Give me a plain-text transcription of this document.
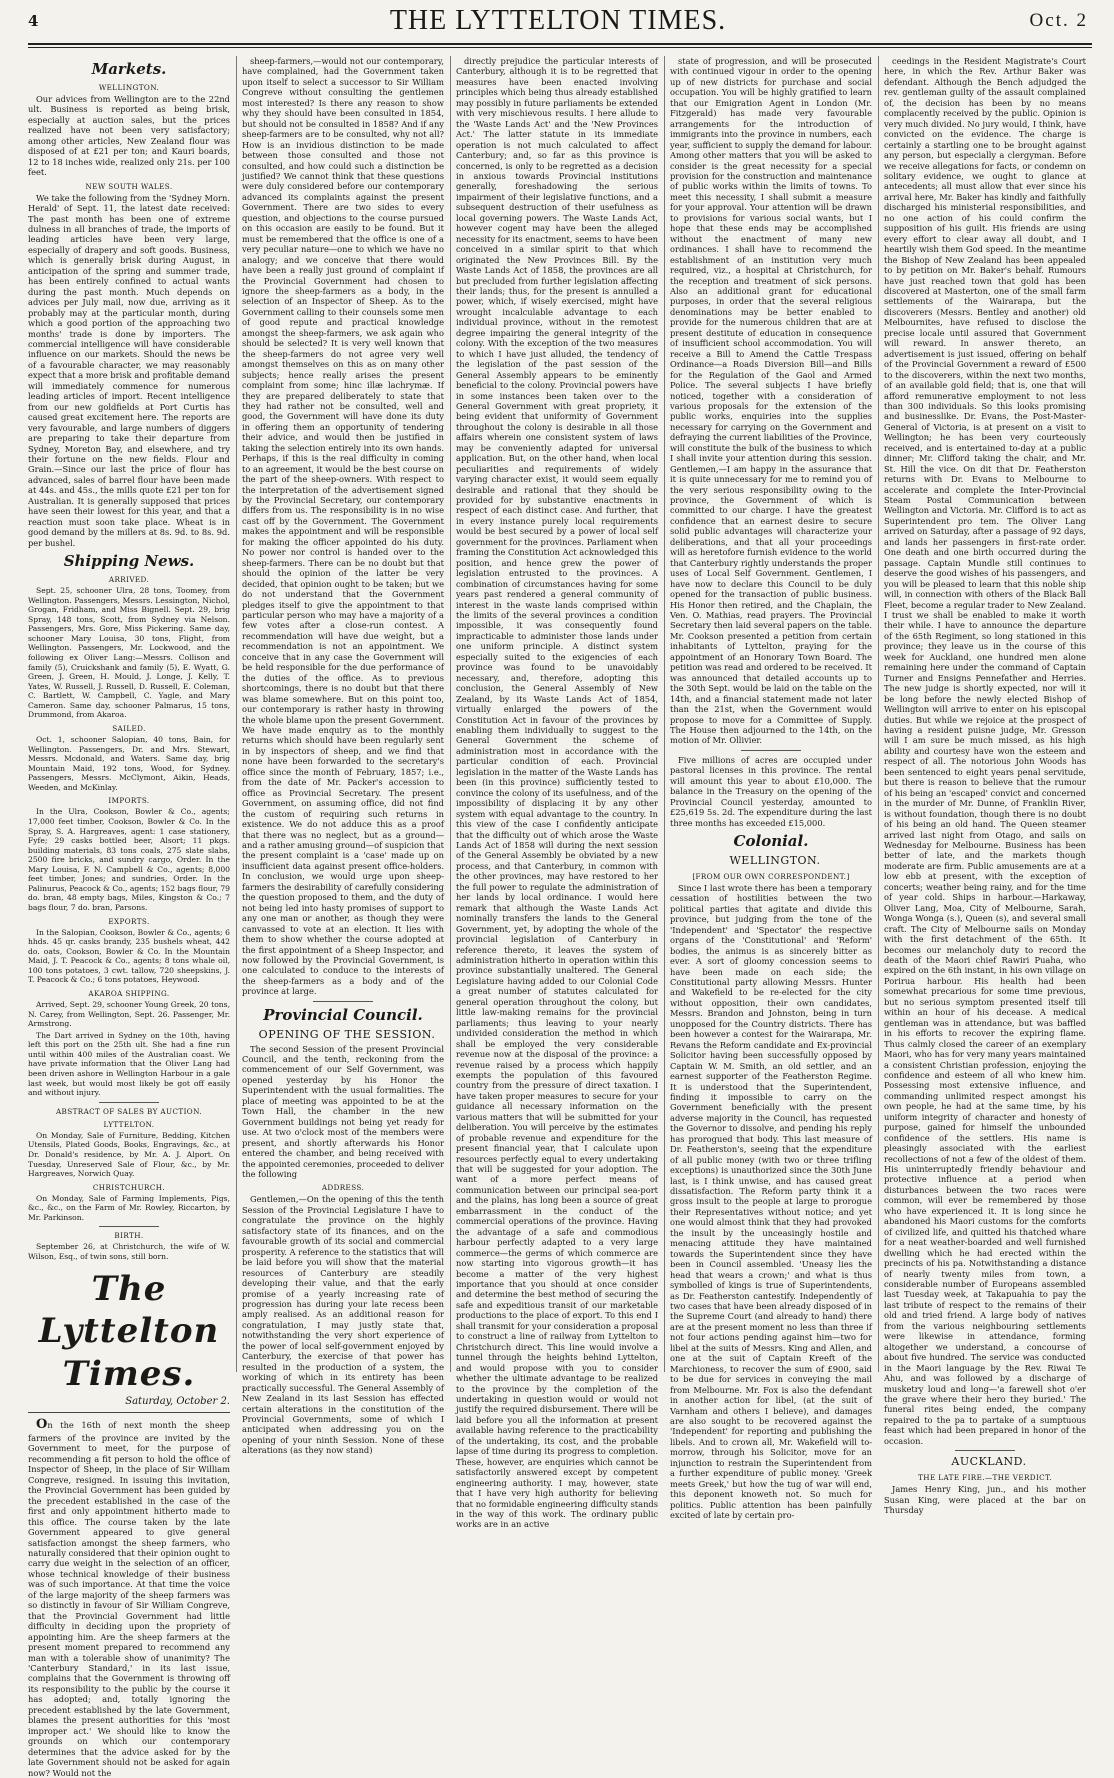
4	THE LYTTELTON TIMES.	Oct. 2
Markets.

WELLINGTON.

Our advices from Wellington are to the 22nd ult. Business is reported as being brisk, especially at auction sales, but the prices realized have not been very satisfactory; among other articles, New Zealand flour was disposed of at £21 per ton; and Kauri boards, 12 to 18 inches wide, realized only 21s. per 100 feet.

NEW SOUTH WALES.

We take the following from the 'Sydney Morn. Herald' of Sept. 11, the latest date received: The past month has been one of extreme dulness in all branches of trade, the imports of leading articles have been very large, especially of drapery and soft goods. Business, which is generally brisk during August, in anticipation of the spring and summer trade, has been entirely confined to actual wants during the past month. Much depends on advices per July mail, now due, arriving as it probably may at the particular month, during which a good portion of the approaching two months' trade is done by importers. The commercial intelligence will have considerable influence on our markets. Should the news be of a favourable character, we may reasonably expect that a more brisk and profitable demand will immediately commence for numerous leading articles of import. Recent intelligence from our new goldfields at Port Curtis has caused great excitement here. The reports are very favourable, and large numbers of diggers are preparing to take their departure from Sydney, Moreton Bay, and elsewhere, and try their fortune on the new fields. Flour and Grain.—Since our last the price of flour has advanced, sales of barrel flour have been made at 44s. and 45s., the mills quote £21 per ton for Australian. It is generally supposed that prices have seen their lowest for this year, and that a reaction must soon take place. Wheat is in good demand by the millers at 8s. 9d. to 8s. 9d. per bushel.

Shipping News.

ARRIVED.

Sept. 25, schooner Ulra, 28 tons, Toomey, from Wellington. Passengers, Messrs. Lessington, Nichol, Grogan, Fridham, and Miss Bignell. Sept. 29, brig Spray, 148 tons, Scott, from Sydney via Nelson. Passengers, Mrs. Gore, Miss Pickering. Same day, schooner Mary Louisa, 30 tons, Flight, from Wellington. Passengers, Mr. Lockwood, and the following ex Oliver Lang:—Messrs. Collison and family (5), Cruickshank and family (5), E. Wyatt, G. Green, J. Green, H. Mould, J. Longe, J. Kelly, T. Yates, W. Russell, J. Russell, D. Russell, E. Coleman, C. Bartlett, W. Campbell, C. Yagle, and Mary Cameron. Same day, schooner Palmarus, 15 tons, Drummond, from Akaroa.

SAILED.

Oct. 1, schooner Salopian, 40 tons, Bain, for Wellington. Passengers, Dr. and Mrs. Stewart, Messrs. Mcdonald, and Waters. Same day, brig Mountain Maid, 192 tons, Wood, for Sydney. Passengers, Messrs. McClymont, Aikin, Heads, Weeden, and McKinlay.

IMPORTS.

In the Ulra, Cookson, Bowler & Co., agents; 17,000 feet timber, Cookson, Bowler & Co. In the Spray, S. A. Hargreaves, agent: 1 case stationery, Fyfe; 29 casks bottled beer, Alsort; 11 pkgs. building materials, 83 tons coals, 275 slate slabs, 2500 fire bricks, and sundry cargo, Order. In the Mary Louisa, F. N. Campbell & Co., agents; 8,000 feet timber, Jones; and sundries, Order. In the Palinurus, Peacock & Co., agents; 152 bags flour, 79 do. bran, 48 empty bags, Miles, Kingston & Co.; 7 bags flour, 7 do. bran, Parsons.

EXPORTS.

In the Salopian, Cookson, Bowler & Co., agents; 6 hhds. 45 qr. casks brandy, 235 bushels wheat, 442 do. oats, Cookson, Bowler & Co. In the Mountain Maid, J. T. Peacock & Co., agents; 8 tons whale oil, 100 tons potatoes, 3 cwt. tallow, 720 sheepskins, J. T. Peacock & Co.; 6 tons potatoes, Heywood.

AKAROA SHIPPING.

Arrived, Sept. 29, schooner Young Greek, 20 tons, N. Carey, from Wellington, Sept. 26. Passenger, Mr. Armstrong.

The Dart arrived in Sydney on the 10th, having left this port on the 25th ult. She had a fine run until within 400 miles of the Australian coast. We have private information that the Oliver Lang had been driven ashore in Wellington Harbour in a gale last week, but would most likely be got off easily and without injury.

ABSTRACT OF SALES BY AUCTION.

LYTTELTON.

On Monday, Sale of Furniture, Bedding, Kitchen Utensils, Plated Goods, Books, Engravings, &c., at Dr. Donald's residence, by Mr. A. J. Alport. On Tuesday, Unreserved Sale of Flour, &c., by Mr. Hargreaves, Norwich Quay.

CHRISTCHURCH.

On Monday, Sale of Farming Implements, Pigs, &c., &c., on the Farm of Mr. Rowley, Riccarton, by Mr. Parkinson.

BIRTH.

September 26, at Christchurch, the wife of W. Wilson, Esq., of twin sons, still born.

The Lyttelton Times.
Saturday, October 2.

On the 16th of next month the sheep farmers of the province are invited by the Government to meet, for the purpose of recommending a fit person to hold the office of Inspector of Sheep, in the place of Sir William Congreve, resigned. In issuing this invitation, the Provincial Government has been guided by the precedent established in the case of the first and only appointment hitherto made to this office. The course taken by the late Government appeared to give general satisfaction amongst the sheep farmers, who naturally considered that their opinion ought to carry due weight in the selection of an officer, whose technical knowledge of their business was of such importance. At that time the voice of the large majority of the sheep farmers was so distinctly in favour of Sir William Congreve, that the Provincial Government had little difficulty in deciding upon the propriety of appointing him. Are the sheep farmers at the present moment prepared to recommend any man with a tolerable show of unanimity? The 'Canterbury Standard,' in its last issue, complains that the Government is throwing off its responsibility to the public by the course it has adopted; and, totally ignoring the precedent established by the late Government, blames the present authorities for this 'most improper act.' We should like to know the grounds on which our contemporary determines that the advice asked for by the late Government should not be asked for again now? Would not the

sheep-farmers,—would not our contemporary, have complained, had the Government taken upon itself to select a successor to Sir William Congreve without consulting the gentlemen most interested? Is there any reason to show why they should have been consulted in 1854, but should not be consulted in 1858? And if any sheep-farmers are to be consulted, why not all? How is an invidious distinction to be made between those consulted and those not consulted, and how could such a distinction be justified? We cannot think that these questions were duly considered before our contemporary advanced its complaints against the present Government. There are two sides to every question, and objections to the course pursued on this occasion are easily to be found. But it must be remembered that the office is one of a very peculiar nature—one to which we have no analogy; and we conceive that there would have been a really just ground of complaint if the Provincial Government had chosen to ignore the sheep-farmers as a body, in the selection of an Inspector of Sheep. As to the Government calling to their counsels some men of good repute and practical knowledge amongst the sheep-farmers, we ask again who should be selected? It is very well known that the sheep-farmers do not agree very well amongst themselves on this as on many other subjects; hence really arises the present complaint from some; hinc illæ lachrymæ. If they are prepared deliberately to state that they had rather not be consulted, well and good, the Government will have done its duty in offering them an opportunity of tendering their advice, and would then be justified in taking the selection entirely into its own hands. Perhaps, if this is the real difficulty in coming to an agreement, it would be the best course on the part of the sheep-owners. With respect to the interpretation of the advertisement signed by the Provincial Secretary, our contemporary differs from us. The responsibility is in no wise cast off by the Government. The Government makes the appointment and will be responsible for making the officer appointed do his duty. No power nor control is handed over to the sheep-farmers. There can be no doubt but that should the opinion of the latter be very decided, that opinion ought to be taken; but we do not understand that the Government pledges itself to give the appointment to that particular person who may have a majority of a few votes after a close-run contest. A recommendation will have due weight, but a recommendation is not an appointment. We conceive that in any case the Government will be held responsible for the due performance of the duties of the office. As to previous shortcomings, there is no doubt but that there was blame somewhere. But on this point too, our contemporary is rather hasty in throwing the whole blame upon the present Government. We have made enquiry as to the monthly returns which should have been regularly sent in by inspectors of sheep, and we find that none have been forwarded to the secretary's office since the month of February, 1857; i.e., from the date of Mr. Packer's accession to office as Provincial Secretary. The present Government, on assuming office, did not find the custom of requiring such returns in existence. We do not adduce this as a proof that there was no neglect, but as a ground—and a rather amusing ground—of suspicion that the present complaint is a 'case' made up on insufficient data against present office-holders. In conclusion, we would urge upon sheep-farmers the desirability of carefully considering the question proposed to them, and the duty of not being led into hasty promises of support to any one man or another, as though they were canvassed to vote at an election. It lies with them to show whether the course adopted at the first appointment of a Sheep Inspector, and now followed by the Provincial Government, is one calculated to conduce to the interests of the sheep-farmers as a body and of the province at large.

Provincial Council.

OPENING OF THE SESSION.

The second Session of the present Provincial Council, and the tenth, reckoning from the commencement of our Self Government, was opened yesterday by his Honor the Superintendent with the usual formalities. The place of meeting was appointed to be at the Town Hall, the chamber in the new Government buildings not being yet ready for use. At two o'clock most of the members were present, and shortly afterwards his Honor entered the chamber, and being received with the appointed ceremonies, proceeded to deliver the following

ADDRESS.

Gentlemen,—On the opening of this the tenth Session of the Provincial Legislature I have to congratulate the province on the highly satisfactory state of its finances, and on the favourable growth of its social and commercial prosperity. A reference to the statistics that will be laid before you will show that the material resources of Canterbury are steadily developing their value, and that the early promise of a yearly increasing rate of progression has during your late recess been amply realised. As an additional reason for congratulation, I may justly state that, notwithstanding the very short experience of the power of local self-government enjoyed by Canterbury, the exercise of that power has resulted in the production of a system, the working of which in its entirety has been practically successful. The General Assembly of New Zealand in its last Session has effected certain alterations in the constitution of the Provincial Governments, some of which I anticipated when addressing you on the opening of your ninth Session. None of these alterations (as they now stand)

directly prejudice the particular interests of Canterbury, although it is to be regretted that measures have been enacted involving principles which being thus already established may possibly in future parliaments be extended with very mischievous results. I here allude to the 'Waste Lands Act' and the 'New Provinces Act.' The latter statute in its immediate operation is not much calculated to affect Canterbury; and, so far as this province is concerned, is only to be regretted as a decision in anxious towards Provincial institutions generally, foreshadowing the serious impairment of their legislative functions, and a subsequent destruction of their usefulness as local governing powers. The Waste Lands Act, however cogent may have been the alleged necessity for its enactment, seems to have been conceived in a similar spirit to that which originated the New Provinces Bill. By the Waste Lands Act of 1858, the provinces are all but precluded from further legislation affecting their lands; thus, for the present is annulled a power, which, if wisely exercised, might have wrought incalculable advantage to each individual province, without in the remotest degree impairing the general integrity of the colony. With the exception of the two measures to which I have just alluded, the tendency of the legislation of the past session of the General Assembly appears to be eminently beneficial to the colony. Provincial powers have in some instances been taken over to the General Government with great propriety, it being evident that uniformity of Government throughout the colony is desirable in all those affairs wherein one consistent system of laws may be conveniently adapted for universal application. But, on the other hand, when local peculiarities and requirements of widely varying character exist, it would seem equally desirable and rational that they should be provided for by substantive enactments in respect of each distinct case. And further, that in every instance purely local requirements would be best secured by a power of local self government for the provinces. Parliament when framing the Constitution Act acknowledged this position, and hence grew the power of legislation entrusted to the provinces. A combination of circumstances having for some years past rendered a general community of interest in the waste lands comprised within the limits of the several provinces a condition impossible, it was consequently found impracticable to administer those lands under one uniform principle. A distinct system especially suited to the exigencies of each province was found to be unavoidably necessary, and, therefore, adopting this conclusion, the General Assembly of New Zealand, by its Waste Lands Act of 1854, virtually enlarged the powers of the Constitution Act in favour of the provinces by enabling them individually to suggest to the General Government the scheme of administration most in accordance with the particular condition of each. Provincial legislation in the matter of the Waste Lands has been (in this province) sufficiently tested to convince the colony of its usefulness, and of the impossibility of displacing it by any other system with equal advantage to the country. In this view of the case I confidently anticipate that the difficulty out of which arose the Waste Lands Act of 1858 will during the next session of the General Assembly be obviated by a new process, and that Canterbury, in common with the other provinces, may have restored to her the full power to regulate the administration of her lands by local ordinance. I would here remark that although the Waste Lands Act nominally transfers the lands to the General Government, yet, by adopting the whole of the provincial legislation of Canterbury in reference thereto, it leaves the system of administration hitherto in operation within this province substantially unaltered. The General Legislature having added to our Colonial Code a great number of statutes calculated for general operation throughout the colony, but little law-making remains for the provincial parliaments; thus leaving to your nearly undivided consideration the method in which shall be employed the very considerable revenue now at the disposal of the province: a revenue raised by a process which happily exempts the population of this favoured country from the pressure of direct taxation. I have taken proper measures to secure for your guidance all necessary information on the various matters that will be submitted for your deliberation. You will perceive by the estimates of probable revenue and expenditure for the present financial year, that I calculate upon resources perfectly equal to every undertaking that will be suggested for your adoption. The want of a more perfect means of communication between our principal sea-port and the plains, has long been a source of great embarrassment in the conduct of the commercial operations of the province. Having the advantage of a safe and commodious harbour perfectly adapted to a very large commerce—the germs of which commerce are now starting into vigorous growth—it has become a matter of the very highest importance that you should at once consider and determine the best method of securing the safe and expeditious transit of our marketable productions to the place of export. To this end I shall transmit for your consideration a proposal to construct a line of railway from Lyttelton to Christchurch direct. This line would involve a tunnel through the heights behind Lyttelton, and would propose with you to consider whether the ultimate advantage to be realized to the province by the completion of the undertaking in question would or would not justify the required disbursement. There will be laid before you all the information at present available having reference to the practicability of the undertaking, its cost, and the probable lapse of time during its progress to completion. These, however, are enquiries which cannot be satisfactorily answered except by competent engineering authority. I may, however, state that I have very high authority for believing that no formidable engineering difficulty stands in the way of this work. The ordinary public works are in an active

state of progression, and will be prosecuted with continued vigour in order to the opening up of new districts for purchase and social occupation. You will be highly gratified to learn that our Emigration Agent in London (Mr. Fitzgerald) has made very favourable arrangements for the introduction of immigrants into the province in numbers, each year, sufficient to supply the demand for labour. Among other matters that you will be asked to consider is the great necessity for a special provision for the construction and maintenance of public works within the limits of towns. To meet this necessity, I shall submit a measure for your approval. Your attention will be drawn to provisions for various social wants, but I hope that these ends may be accomplished without the enactment of many new ordinances. I shall have to recommend the establishment of an institution very much required, viz., a hospital at Christchurch, for the reception and treatment of sick persons. Also an additional grant for educational purposes, in order that the several religious denominations may be better enabled to provide for the numerous children that are at present destitute of education in consequence of insufficient school accommodation. You will receive a Bill to Amend the Cattle Trespass Ordinance—a Roads Diversion Bill—and Bills for the Regulation of the Gaol and Armed Police. The several subjects I have briefly noticed, together with a consideration of various proposals for the extension of the public works, enquiries into the supplies necessary for carrying on the Government and defraying the current liabilities of the Province, will constitute the bulk of the business to which I shall invite your attention during this session. Gentlemen,—I am happy in the assurance that it is quite unnecessary for me to remind you of the very serious responsibility owing to the province, the Government of which is committed to our charge. I have the greatest confidence that an earnest desire to secure solid public advantages will characterize your deliberations, and that all your proceedings will as heretofore furnish evidence to the world that Canterbury rightly understands the proper uses of Local Self Government. Gentlemen, I have now to declare this Council to be duly opened for the transaction of public business. His Honor then retired, and the Chaplain, the Ven. O. Mathias, read prayers. The Provincial Secretary then laid several papers on the table. Mr. Cookson presented a petition from certain inhabitants of Lyttelton, praying for the appointment of an Honorary Town Board. The petition was read and ordered to be received. It was announced that detailed accounts up to the 30th Sept. would be laid on the table on the 14th, and a financial statement made not later than the 21st, when the Government would propose to move for a Committee of Supply. The House then adjourned to the 14th, on the motion of Mr. Ollivier.

Five millions of acres are occupied under pastoral licenses in this province. The rental will amount this year to about £10,000. The balance in the Treasury on the opening of the Provincial Council yesterday, amounted to £25,619 5s. 2d. The expenditure during the last three months has exceeded £15,000.

Colonial.

WELLINGTON.

[FROM OUR OWN CORRESPONDENT.]

Since I last wrote there has been a temporary cessation of hostilities between the two political parties that agitate and divide this province, but judging from the tone of the 'Independent' and 'Spectator' the respective organs of the 'Constitutional' and 'Reform' bodies, the animus is as sincerely bitter as ever. A sort of gloomy concession seems to have been made on each side; the Constitutional party allowing Messrs. Hunter and Wakefield to be re-elected for the city without opposition, their own candidates, Messrs. Brandon and Johnston, being in turn unopposed for the Country districts. There has been however a contest for the Wairarapa, Mr. Revans the Reform candidate and Ex-provincial Solicitor having been successfully opposed by Captain W. M. Smith, an old settler, and an earnest supporter of the Featherston Regime. It is understood that the Superintendent, finding it impossible to carry on the Government beneficially with the present adverse majority in the Council, has requested the Governor to dissolve, and pending his reply has prorogued that body. This last measure of Dr. Featherston's, seeing that the expenditure of all public money (with two or three trifling exceptions) is unauthorized since the 30th June last, is I think unwise, and has caused great dissatisfaction. The Reform party think it a gross insult to the people at large to prorogue their Representatives without notice; and yet one would almost think that they had provoked the insult by the unceasingly hostile and menacing attitude they have maintained towards the Superintendent since they have been in Council assembled. 'Uneasy lies the head that wears a crown;' and what is thus symbolled of kings is true of Superintendents, as Dr. Featherston cantestify. Independently of two cases that have been already disposed of in the Supreme Court (and already to hand) there are at the present moment no less than three if not four actions pending against him—two for libel at the suits of Messrs. King and Allen, and one at the suit of Captain Kreeft of the Marchioness, to recover the sum of £900, said to be due for services in conveying the mail from Melbourne. Mr. Fox is also the defendant in another action for libel, (at the suit of Varnham and others I believe), and damages are also sought to be recovered against the 'Independent' for reporting and publishing the libels. And to crown all, Mr. Wakefield will to-morrow, through his Solicitor, move for an injunction to restrain the Superintendent from a further expenditure of public money. 'Greek meets Greek,' but how the tug of war will end, this deponent knoweth not. So much for politics. Public attention has been painfully excited of late by certain pro-

ceedings in the Resident Magistrate's Court here, in which the Rev. Arthur Baker was defendant. Although the Bench adjudged the rev. gentleman guilty of the assault complained of, the decision has been by no means complacently received by the public. Opinion is very much divided. No jury would, I think, have convicted on the evidence. The charge is certainly a startling one to be brought against any person, but especially a clergyman. Before we receive allegations for facts, or condemn on solitary evidence, we ought to glance at antecedents; all must allow that ever since his arrival here, Mr. Baker has kindly and faithfully discharged his ministerial responsibilities, and no one action of his could confirm the supposition of his guilt. His friends are using every effort to clear away all doubt, and I heartily wish them God speed. In the meantime the Bishop of New Zealand has been appealed to by petition on Mr. Baker's behalf. Rumours have just reached town that gold has been discovered at Masterton, one of the small farm settlements of the Wairarapa, but the discoverers (Messrs. Bentley and another) old Melbournites, have refused to disclose the precise locale until assured that Government will reward. In answer thereto, an advertisement is just issued, offering on behalf of the Provincial Government a reward of £500 to the discoverers, within the next two months, of an available gold field; that is, one that will afford remunerative employment to not less than 300 individuals. So this looks promising and businesslike. Dr. Evans, the Post-Master-General of Victoria, is at present on a visit to Wellington; he has been very courteously received, and is entertained to-day at a public dinner; Mr. Clifford taking the chair, and Mr. St. Hill the vice. On dit that Dr. Featherston returns with Dr. Evans to Melbourne to accelerate and complete the Inter-Provincial Steam Postal Communication between Wellington and Victoria. Mr. Clifford is to act as Superintendent pro tem. The Oliver Lang arrived on Saturday, after a passage of 92 days, and lands her passengers in first-rate order. One death and one birth occurred during the passage. Captain Mundle still continues to deserve the good wishes of his passengers, and you will be pleased to learn that this noble ship will, in connection with others of the Black Ball Fleet, become a regular trader to New Zealand. I trust we shall be enabled to make it worth their while. I have to announce the departure of the 65th Regiment, so long stationed in this province; they leave us in the course of this week for Auckland, one hundred men alone remaining here under the command of Captain Turner and Ensigns Pennefather and Herries. The new judge is shortly expected, nor will it be long before the newly elected Bishop of Wellington will arrive to enter on his episcopal duties. But while we rejoice at the prospect of having a resident puisne judge, Mr. Gresson will I am sure be much missed, as his high ability and courtesy have won the esteem and respect of all. The notorious John Woods has been sentenced to eight years penal servitude, but there is reason to believe that the rumour of his being an 'escaped' convict and concerned in the murder of Mr. Dunne, of Franklin River, is without foundation, though there is no doubt of his being an old hand. The Queen steamer arrived last night from Otago, and sails on Wednesday for Melbourne. Business has been better of late, and the markets though moderate are firm. Public amusements are at a low ebb at present, with the exception of concerts; weather being rainy, and for the time of year cold. Ships in harbour.—Harkaway, Oliver Lang, Moa, City of Melbourne, Sarah, Wonga Wonga (s.), Queen (s), and several small craft. The City of Melbourne sails on Monday with the first detachment of the 65th. It becomes our melancholy duty to record the death of the Maori chief Rawiri Puaha, who expired on the 6th instant, in his own village on Porirua harbour. His health had been somewhat precarious for some time previous, but no serious symptom presented itself till within an hour of his decease. A medical gentleman was in attendance, but was baffled in his efforts to recover the expiring flame. Thus calmly closed the career of an exemplary Maori, who has for very many years maintained a consistent Christian profession, enjoying the confidence and esteem of all who knew him. Possessing most extensive influence, and commanding unlimited respect amongst his own people, he had at the same time, by his uniform integrity of character and honesty of purpose, gained for himself the unbounded confidence of the settlers. His name is pleasingly associated with the earliest recollections of not a few of the oldest of them. His uninterruptedly friendly behaviour and protective influence at a period when disturbances between the two races were common, will ever be remembered by those who have experienced it. It is long since he abandoned his Maori customs for the comforts of civilized life, and quitted his thatched whare for a neat weather-boarded and well furnished dwelling which he had erected within the precincts of his pa. Notwithstanding a distance of nearly twenty miles from town, a considerable number of Europeans assembled last Tuesday week, at Takapuahia to pay the last tribute of respect to the remains of their old and tried friend. A large body of natives from the various neighbouring settlements were likewise in attendance, forming altogether we understand, a concourse of about five hundred. The service was conducted in the Maori language by the Rev. Riwai Te Ahu, and was followed by a discharge of musketry loud and long—'a farewell shot o'er the grave where their hero they buried.' The funeral rites being ended, the company repaired to the pa to partake of a sumptuous feast which had been prepared in honor of the occasion.

AUCKLAND.

THE LATE FIRE.—THE VERDICT.

James Henry King, jun., and his mother Susan King, were placed at the bar on Thursday
